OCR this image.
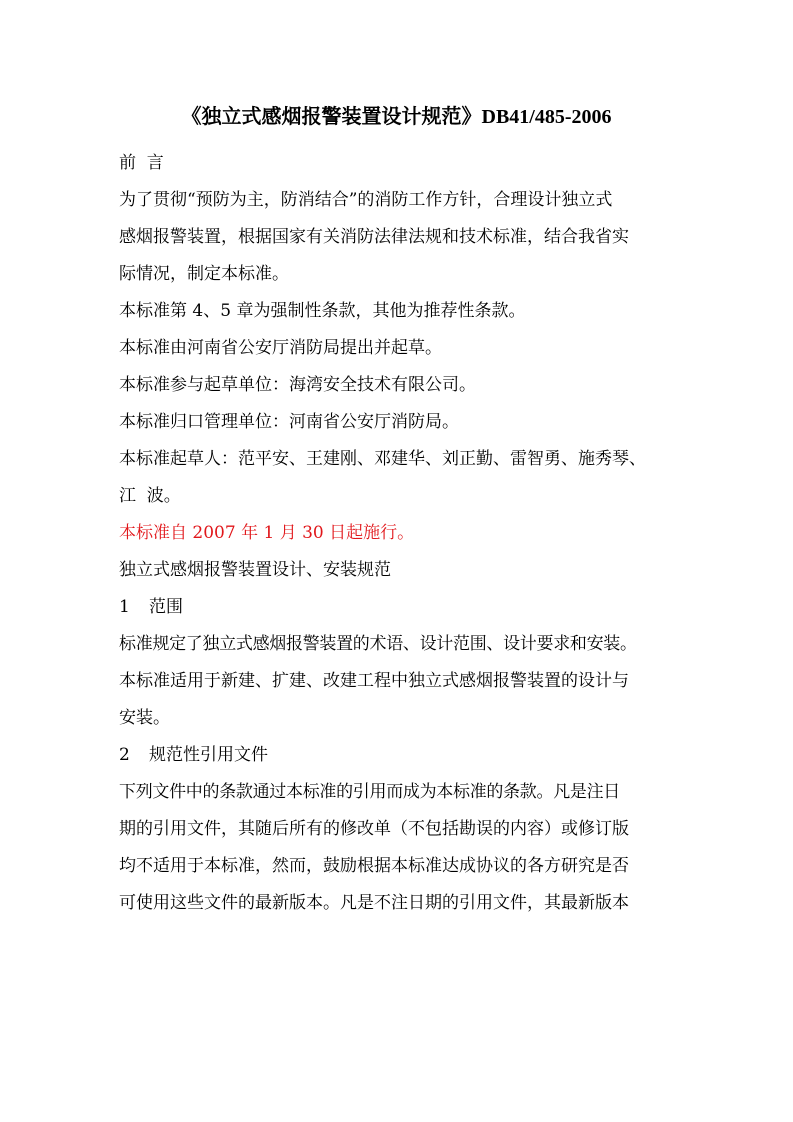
《独立式感烟报警装置设计规范》DB41/485-2006

前  言

为了贯彻“预防为主，防消结合”的消防工作方针，合理设计独立式

感烟报警装置，根据国家有关消防法律法规和技术标准，结合我省实

际情况，制定本标准。

本标准第 4、5 章为强制性条款，其他为推荐性条款。

本标准由河南省公安厅消防局提出并起草。

本标准参与起草单位：海湾安全技术有限公司。

本标准归口管理单位：河南省公安厅消防局。

本标准起草人：范平安、王建刚、邓建华、刘正勤、雷智勇、施秀琴、

江  波。

本标准自 2007 年 1 月 30 日起施行。

独立式感烟报警装置设计、安装规范

1 范围

标准规定了独立式感烟报警装置的术语、设计范围、设计要求和安装。

本标准适用于新建、扩建、改建工程中独立式感烟报警装置的设计与

安装。

2 规范性引用文件

下列文件中的条款通过本标准的引用而成为本标准的条款。凡是注日

期的引用文件，其随后所有的修改单（不包括勘误的内容）或修订版

均不适用于本标准，然而，鼓励根据本标准达成协议的各方研究是否

可使用这些文件的最新版本。凡是不注日期的引用文件，其最新版本
